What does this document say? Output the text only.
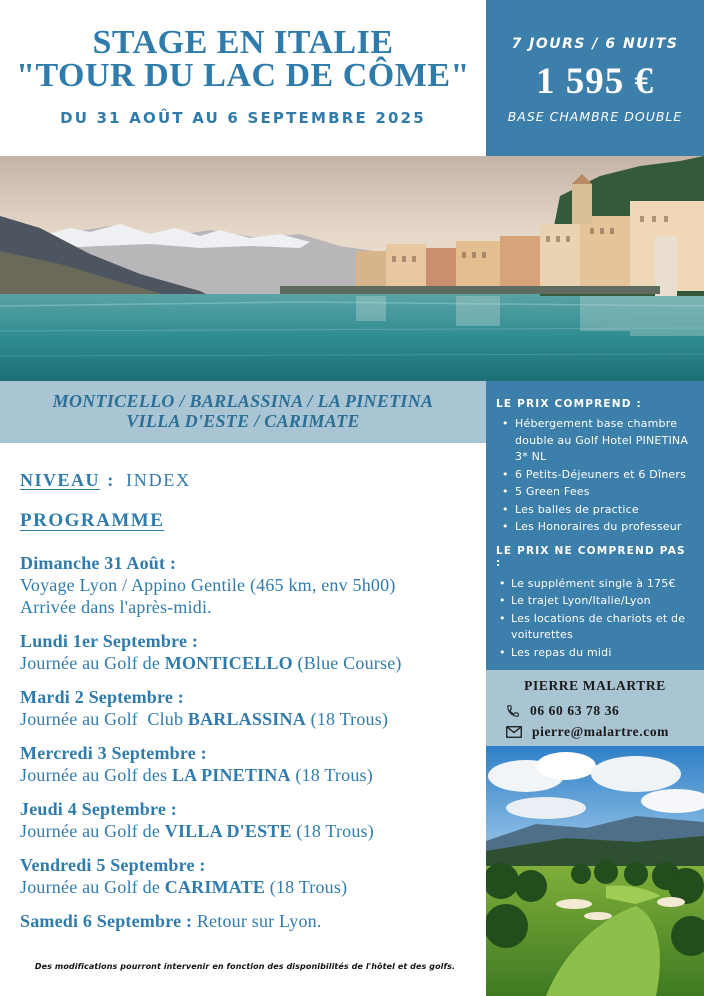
STAGE EN ITALIE
"TOUR DU LAC DE CÔME"
DU 31 AOÛT AU 6 SEPTEMBRE 2025
7 JOURS / 6 NUITS
1 595 €
BASE CHAMBRE DOUBLE
MONTICELLO / BARLASSINA / LA PINETINA
VILLA D'ESTE / CARIMATE
LE PRIX COMPREND :
• Hébergement base chambre double au Golf Hotel PINETINA 3* NL
• 6 Petits-Déjeuners et 6 Dîners
• 5 Green Fees
• Les balles de practice
• Les Honoraires du professeur
LE PRIX NE COMPREND PAS :
• Le supplément single à 175€
• Le trajet Lyon/Italie/Lyon
• Les locations de chariots et de voiturettes
• Les repas du midi
PIERRE MALARTRE
06 60 63 78 36
pierre@malartre.com
NIVEAU : INDEX
PROGRAMME
Dimanche 31 Août :
Voyage Lyon / Appino Gentile (465 km, env 5h00)
Arrivée dans l'après-midi.
Lundi 1er Septembre :
Journée au Golf de MONTICELLO (Blue Course)
Mardi 2 Septembre :
Journée au Golf  Club BARLASSINA (18 Trous)
Mercredi 3 Septembre :
Journée au Golf des LA PINETINA (18 Trous)
Jeudi 4 Septembre :
Journée au Golf de VILLA D'ESTE (18 Trous)
Vendredi 5 Septembre :
Journée au Golf de CARIMATE (18 Trous)
Samedi 6 Septembre : Retour sur Lyon.
Des modifications pourront intervenir en fonction des disponibilités de l'hôtel et des golfs.
